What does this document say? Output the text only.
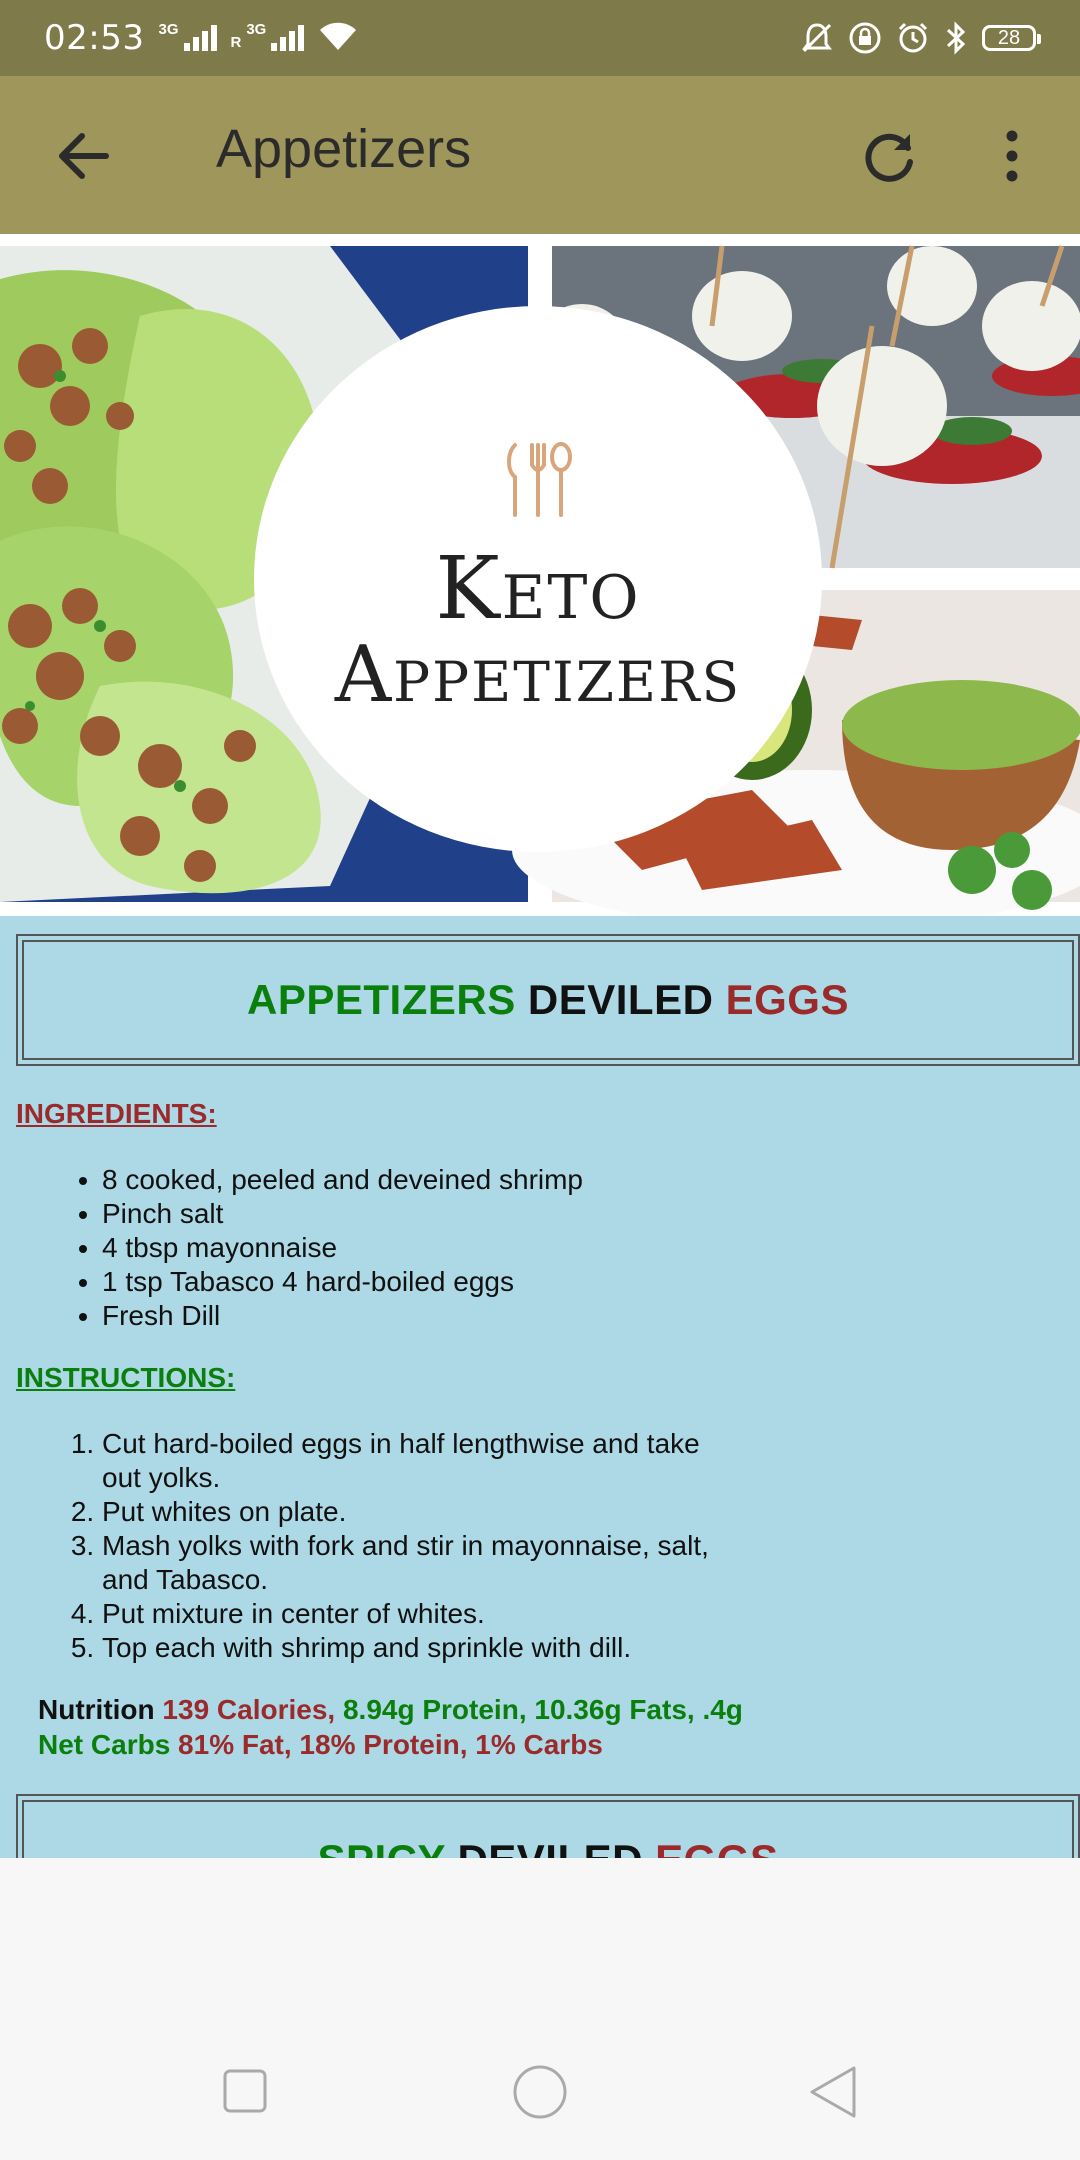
02:53 3G
R
3G	28
Appetizers
Keto
Appetizers
APPETIZERS DEVILED EGGS
INGREDIENTS:
• 8 cooked, peeled and deveined shrimp
• Pinch salt
• 4 tbsp mayonnaise
• 1 tsp Tabasco 4 hard-boiled eggs
• Fresh Dill
INSTRUCTIONS:
1. Cut hard-boiled eggs in half lengthwise and take out yolks.
2. Put whites on plate.
3. Mash yolks with fork and stir in mayonnaise, salt, and Tabasco.
4. Put mixture in center of whites.
5. Top each with shrimp and sprinkle with dill.
Nutrition 139 Calories, 8.94g Protein, 10.36g Fats, .4g Net Carbs 81% Fat, 18% Protein, 1% Carbs
